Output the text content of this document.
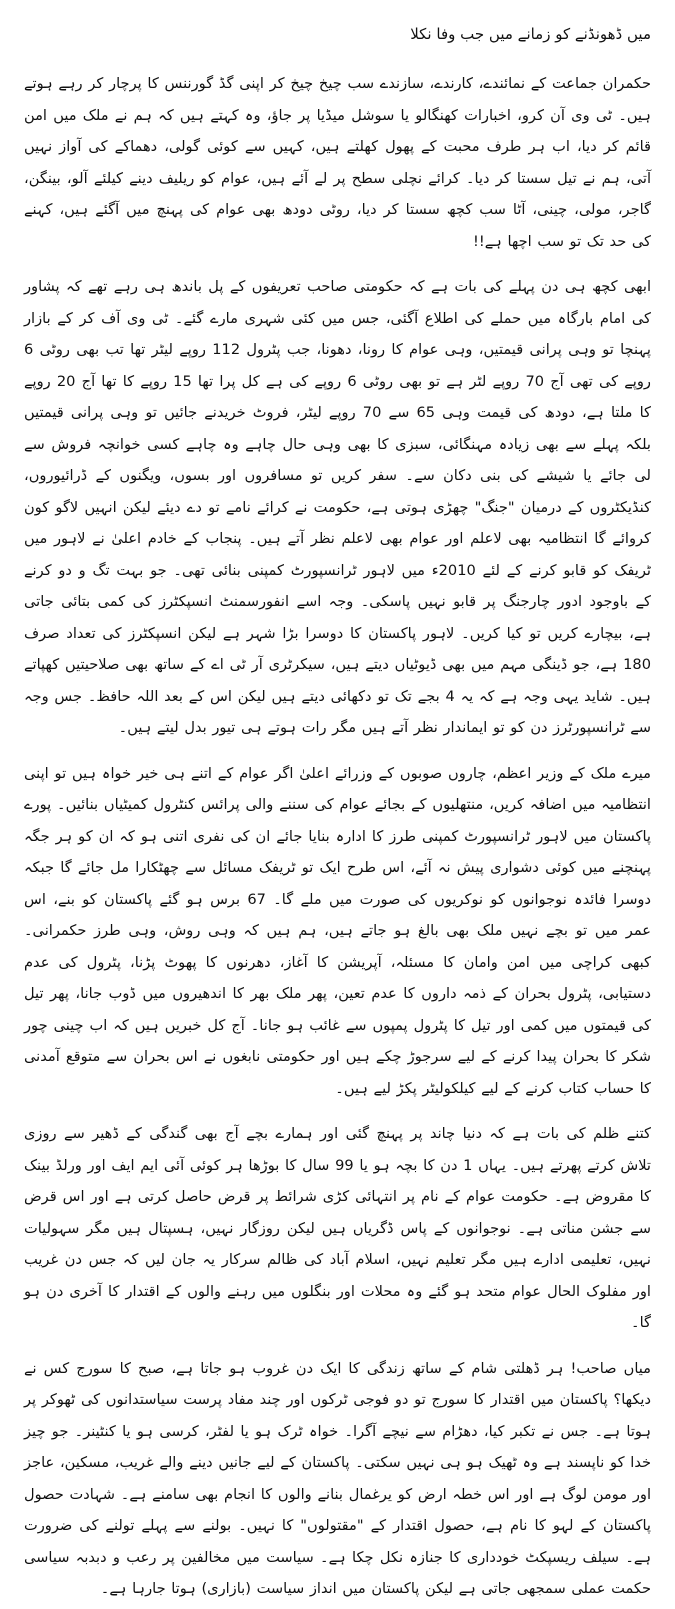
میں ڈھونڈنے کو زمانے میں جب وفا نکلا

حکمران جماعت کے نمائندے، کارندے، سازندے سب چیخ چیخ کر اپنی گڈ گورننس کا پرچار کر رہے ہوتے ہیں۔ ٹی وی آن کرو، اخبارات کھنگالو یا سوشل میڈیا پر جاؤ، وہ کہتے ہیں کہ ہم نے ملک میں امن قائم کر دیا، اب ہر طرف محبت کے پھول کھلتے ہیں، کہیں سے کوئی گولی، دھماکے کی آواز نہیں آتی، ہم نے تیل سستا کر دیا۔ کرائے نچلی سطح پر لے آئے ہیں، عوام کو ریلیف دینے کیلئے آلو، بینگن، گاجر، مولی، چینی، آٹا سب کچھ سستا کر دیا، روٹی دودھ بھی عوام کی پہنچ میں آگئے ہیں، کہنے کی حد تک تو سب اچھا ہے!!

ابھی کچھ ہی دن پہلے کی بات ہے کہ حکومتی صاحب تعریفوں کے پل باندھ ہی رہے تھے کہ پشاور کی امام بارگاہ میں حملے کی اطلاع آگئی، جس میں کئی شہری مارے گئے۔ ٹی وی آف کر کے بازار پہنچا تو وہی پرانی قیمتیں، وہی عوام کا رونا، دھونا، جب پٹرول 112 روپے لیٹر تھا تب بھی روٹی 6 روپے کی تھی آج 70 روپے لٹر ہے تو بھی روٹی 6 روپے کی ہے کل پرا تھا 15 روپے کا تھا آج 20 روپے کا ملتا ہے، دودھ کی قیمت وہی 65 سے 70 روپے لیٹر، فروٹ خریدنے جائیں تو وہی پرانی قیمتیں بلکہ پہلے سے بھی زیادہ مہنگائی، سبزی کا بھی وہی حال چاہے وہ چاہے کسی خوانچہ فروش سے لی جائے یا شیشے کی بنی دکان سے۔ سفر کریں تو مسافروں اور بسوں، ویگنوں کے ڈرائیوروں، کنڈیکٹروں کے درمیان "جنگ" چھڑی ہوتی ہے، حکومت نے کرائے نامے تو دے دیئے لیکن انہیں لاگو کون کروائے گا انتظامیہ بھی لاعلم اور عوام بھی لاعلم نظر آتے ہیں۔ پنجاب کے خادم اعلیٰ نے لاہور میں ٹریفک کو قابو کرنے کے لئے 2010ء میں لاہور ٹرانسپورٹ کمپنی بنائی تھی۔ جو بہت تگ و دو کرنے کے باوجود ادور چارجنگ پر قابو نہیں پاسکی۔ وجہ اسے انفورسمنٹ انسپکٹرز کی کمی بتائی جاتی ہے، بیچارے کریں تو کیا کریں۔ لاہور پاکستان کا دوسرا بڑا شہر ہے لیکن انسپکٹرز کی تعداد صرف 180 ہے، جو ڈینگی مہم میں بھی ڈیوٹیاں دیتے ہیں، سیکرٹری آر ٹی اے کے ساتھ بھی صلاحیتیں کھپاتے ہیں۔ شاید یہی وجہ ہے کہ یہ 4 بجے تک تو دکھائی دیتے ہیں لیکن اس کے بعد اللہ حافظ۔ جس وجہ سے ٹرانسپورٹرز دن کو تو ایماندار نظر آتے ہیں مگر رات ہوتے ہی تیور بدل لیتے ہیں۔

میرے ملک کے وزیر اعظم، چاروں صوبوں کے وزرائے اعلیٰ اگر عوام کے اتنے ہی خیر خواہ ہیں تو اپنی انتظامیہ میں اضافہ کریں، منتھلیوں کے بجائے عوام کی سننے والی پرائس کنٹرول کمیٹیاں بنائیں۔ پورے پاکستان میں لاہور ٹرانسپورٹ کمپنی طرز کا ادارہ بنایا جائے ان کی نفری اتنی ہو کہ ان کو ہر جگہ پہنچنے میں کوئی دشواری پیش نہ آئے، اس طرح ایک تو ٹریفک مسائل سے چھٹکارا مل جائے گا جبکہ دوسرا فائدہ نوجوانوں کو نوکریوں کی صورت میں ملے گا۔ 67 برس ہو گئے پاکستان کو بنے، اس عمر میں تو بچے نہیں ملک بھی بالغ ہو جاتے ہیں، ہم ہیں کہ وہی روش، وہی طرز حکمرانی۔ کبھی کراچی میں امن وامان کا مسئلہ، آپریشن کا آغاز، دھرنوں کا پھوٹ پڑنا، پٹرول کی عدم دستیابی، پٹرول بحران کے ذمہ داروں کا عدم تعین، پھر ملک بھر کا اندھیروں میں ڈوب جانا، پھر تیل کی قیمتوں میں کمی اور تیل کا پٹرول پمپوں سے غائب ہو جانا۔ آج کل خبریں ہیں کہ اب چینی چور شکر کا بحران پیدا کرنے کے لیے سرجوڑ چکے ہیں اور حکومتی نابغوں نے اس بحران سے متوقع آمدنی کا حساب کتاب کرنے کے لیے کیلکولیٹر پکڑ لیے ہیں۔

کتنے ظلم کی بات ہے کہ دنیا چاند پر پہنچ گئی اور ہمارے بچے آج بھی گندگی کے ڈھیر سے روزی تلاش کرتے پھرتے ہیں۔ یہاں 1 دن کا بچہ ہو یا 99 سال کا بوڑھا ہر کوئی آئی ایم ایف اور ورلڈ بینک کا مقروض ہے۔ حکومت عوام کے نام پر انتہائی کڑی شرائط پر قرض حاصل کرتی ہے اور اس قرض سے جشن مناتی ہے۔ نوجوانوں کے پاس ڈگریاں ہیں لیکن روزگار نہیں، ہسپتال ہیں مگر سہولیات نہیں، تعلیمی ادارے ہیں مگر تعلیم نہیں، اسلام آباد کی ظالم سرکار یہ جان لیں کہ جس دن غریب اور مفلوک الحال عوام متحد ہو گئے وہ محلات اور بنگلوں میں رہنے والوں کے اقتدار کا آخری دن ہو گا۔

میاں صاحب! ہر ڈھلتی شام کے ساتھ زندگی کا ایک دن غروب ہو جاتا ہے، صبح کا سورج کس نے دیکھا؟ پاکستان میں اقتدار کا سورج تو دو فوجی ٹرکوں اور چند مفاد پرست سیاستدانوں کی ٹھوکر پر ہوتا ہے۔ جس نے تکبر کیا، دھڑام سے نیچے آگرا۔ خواہ ٹرک ہو یا لفٹر، کرسی ہو یا کنٹینر۔ جو چیز خدا کو ناپسند ہے وہ ٹھیک ہو ہی نہیں سکتی۔ پاکستان کے لیے جانیں دینے والے غریب، مسکین، عاجز اور مومن لوگ ہے اور اس خطہ ارض کو یرغمال بنانے والوں کا انجام بھی سامنے ہے۔ شہادت حصول پاکستان کے لہو کا نام ہے، حصول اقتدار کے "مقتولوں" کا نہیں۔ بولنے سے پہلے تولنے کی ضرورت ہے۔ سیلف ریسپکٹ خودداری کا جنازہ نکل چکا ہے۔ سیاست میں مخالفین پر رعب و دبدبہ سیاسی حکمت عملی سمجھی جاتی ہے لیکن پاکستان میں انداز سیاست (بازاری) ہوتا جارہا ہے۔
